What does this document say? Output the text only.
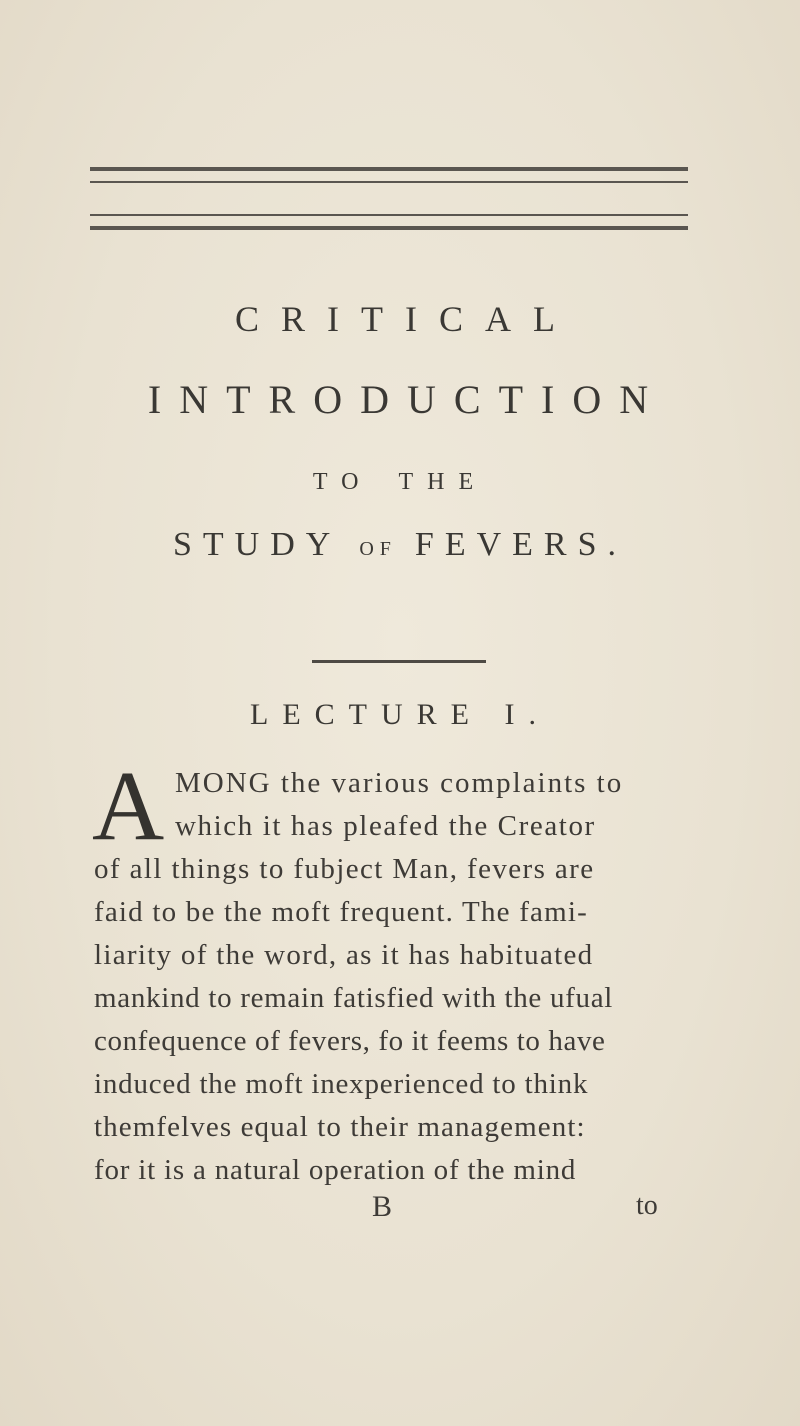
CRITICAL
INTRODUCTION
TO THE
STUDY OF FEVERS.
LECTURE I.
A MONG the various complaints to
which it has pleafed the Creator
of all things to fubject Man, fevers are
faid to be the moft frequent. The fami-
liarity of the word, as it has habituated
mankind to remain fatisfied with the ufual
confequence of fevers, fo it feems to have
induced the moft inexperienced to think
themfelves equal to their management:
for it is a natural operation of the mind
B	to
